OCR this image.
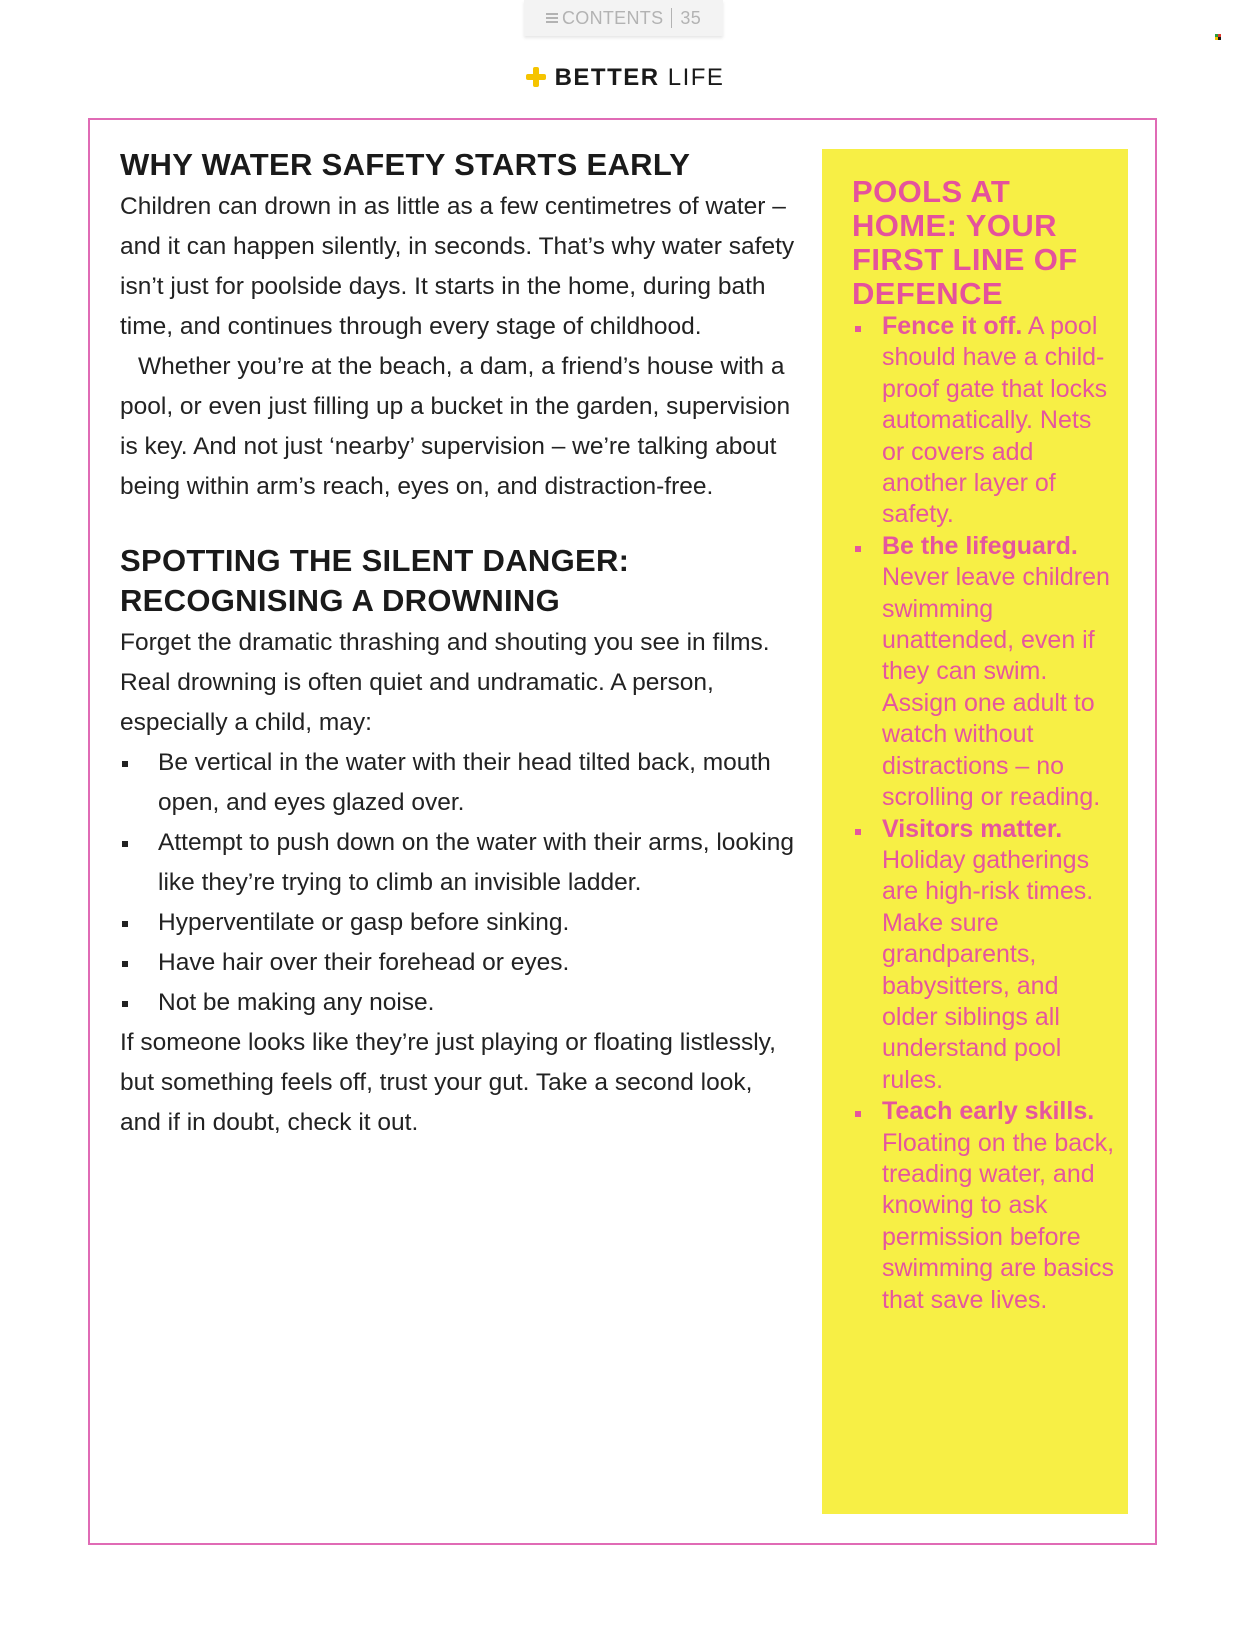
CONTENTS 35
BETTER LIFE
WHY WATER SAFETY STARTS EARLY

Children can drown in as little as a few centimetres of water – and it can happen silently, in seconds. That’s why water safety isn’t just for poolside days. It starts in the home, during bath time, and continues through every stage of childhood.

Whether you’re at the beach, a dam, a friend’s house with a pool, or even just filling up a bucket in the garden, supervision is key. And not just ‘nearby’ supervision – we’re talking about being within arm’s reach, eyes on, and distraction-free.

SPOTTING THE SILENT DANGER:
RECOGNISING A DROWNING

Forget the dramatic thrashing and shouting you see in films. Real drowning is often quiet and undramatic. A person, especially a child, may:

Be vertical in the water with their head tilted back, mouth open, and eyes glazed over.
Attempt to push down on the water with their arms, looking like they’re trying to climb an invisible ladder.
Hyperventilate or gasp before sinking.
Have hair over their forehead or eyes.
Not be making any noise.

If someone looks like they’re just playing or floating listlessly, but something feels off, trust your gut. Take a second look, and if in doubt, check it out.

POOLS AT HOME: YOUR FIRST LINE OF DEFENCE
Fence it off. A pool should have a child-proof gate that locks automatically. Nets or covers add another layer of safety.
Be the lifeguard. Never leave children swimming unattended, even if they can swim. Assign one adult to watch without distractions – no scrolling or reading.
Visitors matter. Holiday gatherings are high-risk times. Make sure grandparents, babysitters, and older siblings all understand pool rules.
Teach early skills. Floating on the back, treading water, and knowing to ask permission before swimming are basics that save lives.
